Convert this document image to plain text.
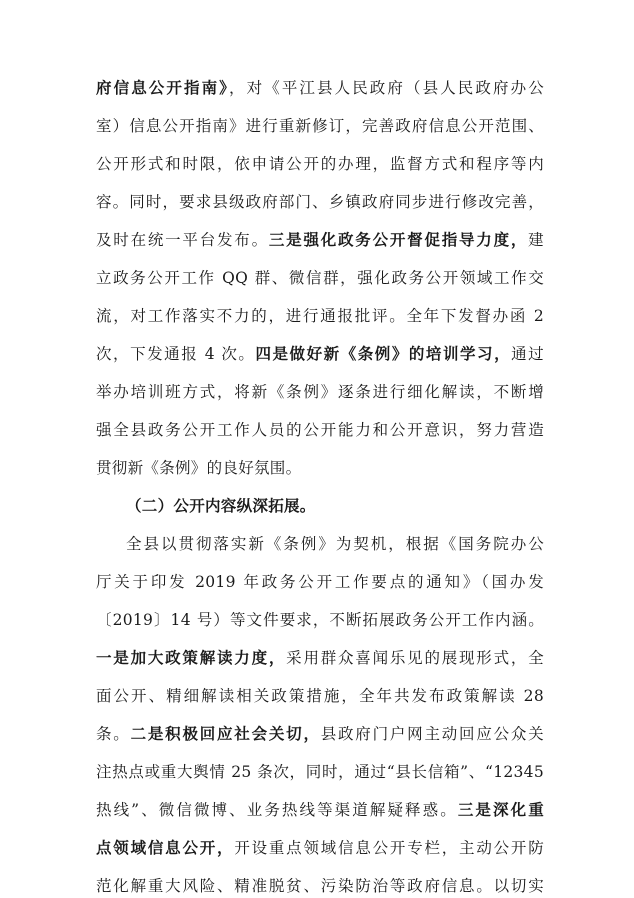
府信息公开指南》，对《平江县人民政府（县人民政府办公
室）信息公开指南》进行重新修订，完善政府信息公开范围、
公开形式和时限，依申请公开的办理，监督方式和程序等内
容。同时，要求县级政府部门、乡镇政府同步进行修改完善，
及时在统一平台发布。三是强化政务公开督促指导力度，建
立政务公开工作 QQ 群、微信群，强化政务公开领域工作交
流，对工作落实不力的，进行通报批评。全年下发督办函 2
次，下发通报 4 次。四是做好新《条例》的培训学习，通过
举办培训班方式，将新《条例》逐条进行细化解读，不断增
强全县政务公开工作人员的公开能力和公开意识，努力营造
贯彻新《条例》的良好氛围。
（二）公开内容纵深拓展。
全县以贯彻落实新《条例》为契机，根据《国务院办公
厅关于印发 2019 年政务公开工作要点的通知》（国办发
〔2019〕14 号）等文件要求，不断拓展政务公开工作内涵。
一是加大政策解读力度，采用群众喜闻乐见的展现形式，全
面公开、精细解读相关政策措施，全年共发布政策解读 28
条。二是积极回应社会关切，县政府门户网主动回应公众关
注热点或重大舆情 25 条次，同时，通过“县长信箱”、“12345
热线”、微信微博、业务热线等渠道解疑释惑。三是深化重
点领域信息公开，开设重点领域信息公开专栏，主动公开防
范化解重大风险、精准脱贫、污染防治等政府信息。以切实
